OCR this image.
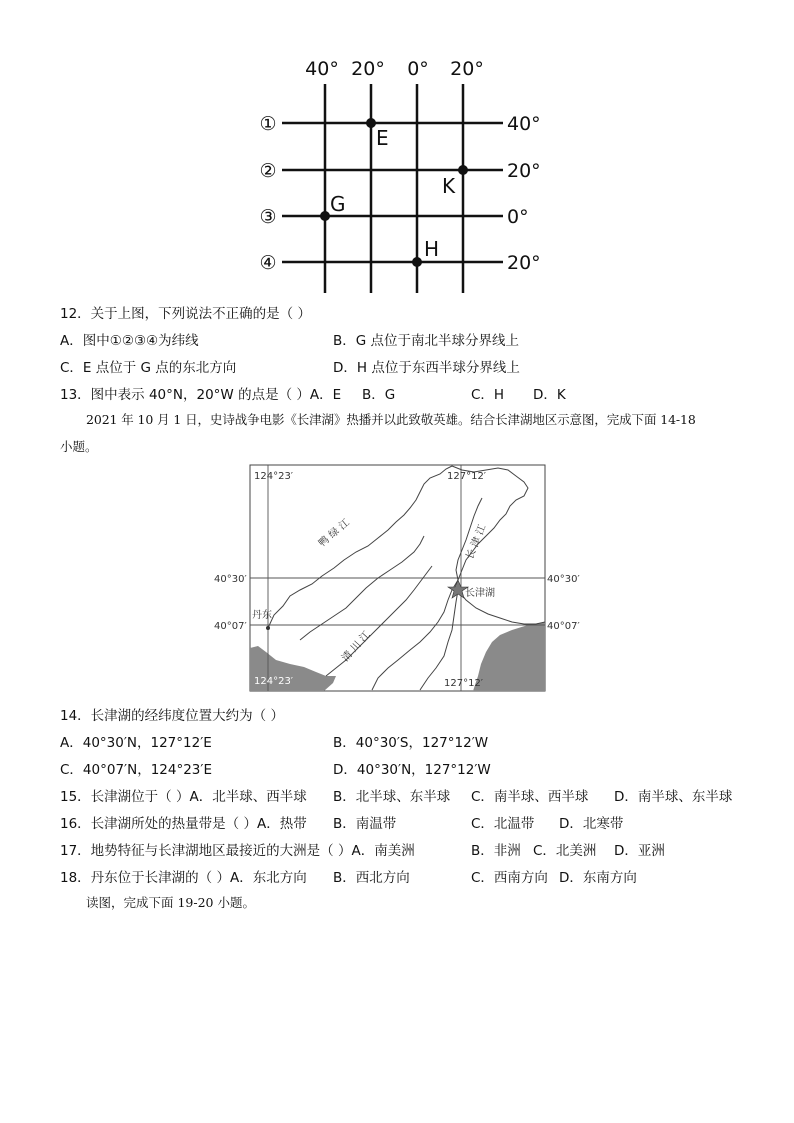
40° 20° 0° 20°
①
②
③
④
40°
20°
0°
20°
E
K
G
H
12．关于上图，下列说法不正确的是（ ）
A．图中①②③④为纬线	B．G 点位于南北半球分界线上
C．E 点位于 G 点的东北方向	D．H 点位于东西半球分界线上
13．图中表示 40°N，20°W 的点是（ ）A．E B．G	C．H D．K
2021 年 10 月 1 日，史诗战争电影《长津湖》热播并以此致敬英雄。结合长津湖地区示意图，完成下面 14-18
小题。
124°23′	127°12′
124°23′	127°12′
40°30′	40°30′
40°07′	40°07′
长津湖
丹东
鸭 绿 江	长 津 江
清 川 江
14．长津湖的经纬度位置大约为（ ）
A．40°30′N，127°12′E	B．40°30′S，127°12′W
C．40°07′N，124°23′E	D．40°30′N，127°12′W
15．长津湖位于（ ）A．北半球、西半球 B．北半球、东半球 C．南半球、西半球 D．南半球、东半球
16．长津湖所处的热量带是（ ）A．热带 B．南温带	C．北温带 D．北寒带
17．地势特征与长津湖地区最接近的大洲是（ ）A．南美洲	B．非洲 C．北美洲 D．亚洲
18．丹东位于长津湖的（ ）A．东北方向 B．西北方向	C．西南方向 D．东南方向
读图，完成下面 19-20 小题。
